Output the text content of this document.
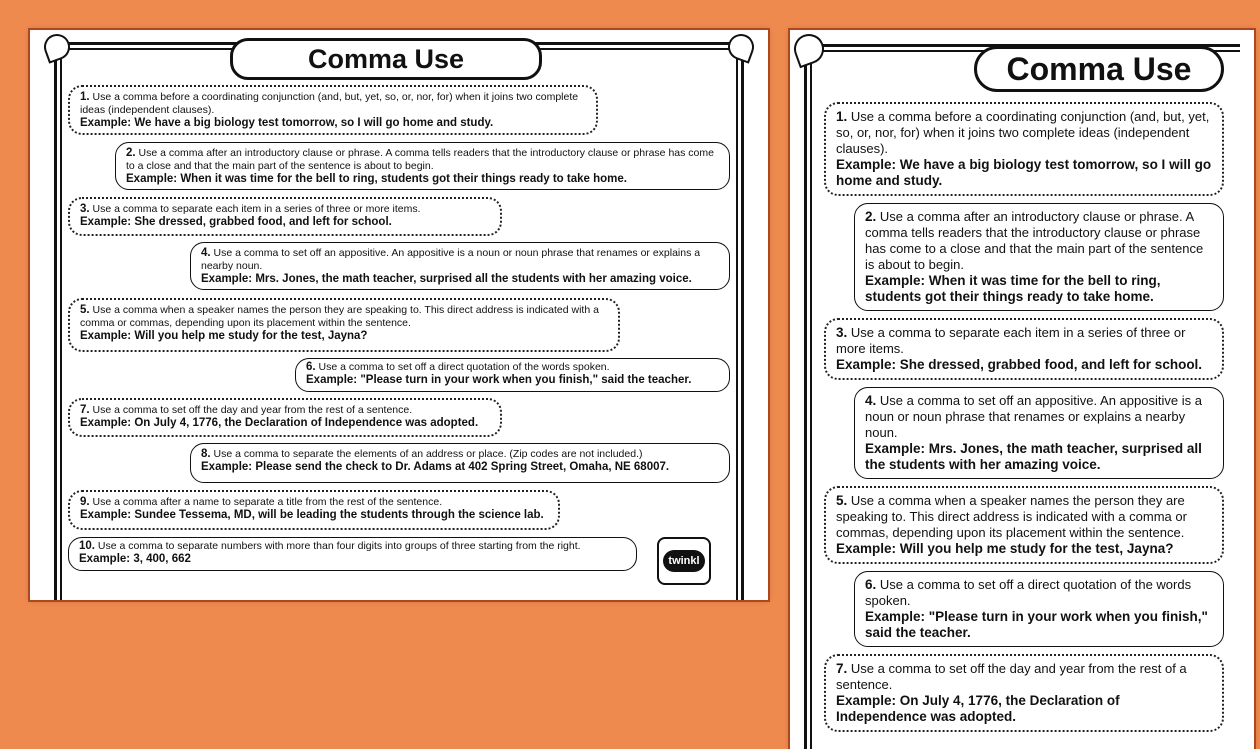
Comma Use
1. Use a comma before a coordinating conjunction (and, but, yet, so, or, nor, for) when it joins two complete ideas (independent clauses).
Example: We have a big biology test tomorrow, so I will go home and study.
2. Use a comma after an introductory clause or phrase. A comma tells readers that the introductory clause or phrase has come to a close and that the main part of the sentence is about to begin.
Example: When it was time for the bell to ring, students got their things ready to take home.
3. Use a comma to separate each item in a series of three or more items.
Example: She dressed, grabbed food, and left for school.
4. Use a comma to set off an appositive. An appositive is a noun or noun phrase that renames or explains a nearby noun.
Example: Mrs. Jones, the math teacher, surprised all the students with her amazing voice.
5. Use a comma when a speaker names the person they are speaking to. This direct address is indicated with a comma or commas, depending upon its placement within the sentence.
Example: Will you help me study for the test, Jayna?
6. Use a comma to set off a direct quotation of the words spoken.
Example: "Please turn in your work when you finish," said the teacher.
7. Use a comma to set off the day and year from the rest of a sentence.
Example: On July 4, 1776, the Declaration of Independence was adopted.
8. Use a comma to separate the elements of an address or place. (Zip codes are not included.)
Example: Please send the check to Dr. Adams at 402 Spring Street, Omaha, NE 68007.
9. Use a comma after a name to separate a title from the rest of the sentence.
Example: Sundee Tessema, MD, will be leading the students through the science lab.
10. Use a comma to separate numbers with more than four digits into groups of three starting from the right. Example: 3, 400, 662	twinkl
Comma Use
1. Use a comma before a coordinating conjunction (and, but, yet, so, or, nor, for) when it joins two complete ideas (independent clauses).
Example: We have a big biology test tomorrow, so I will go home and study.
2. Use a comma after an introductory clause or phrase. A comma tells readers that the introductory clause or phrase has come to a close and that the main part of the sentence is about to begin.
Example: When it was time for the bell to ring, students got their things ready to take home.
3. Use a comma to separate each item in a series of three or more items.
Example: She dressed, grabbed food, and left for school.
4. Use a comma to set off an appositive. An appositive is a noun or noun phrase that renames or explains a nearby noun.
Example: Mrs. Jones, the math teacher, surprised all the students with her amazing voice.
5. Use a comma when a speaker names the person they are speaking to. This direct address is indicated with a comma or commas, depending upon its placement within the sentence.
Example: Will you help me study for the test, Jayna?
6. Use a comma to set off a direct quotation of the words spoken.
Example: "Please turn in your work when you finish," said the teacher.
7. Use a comma to set off the day and year from the rest of a sentence.
Example: On July 4, 1776, the Declaration of Independence was adopted.
